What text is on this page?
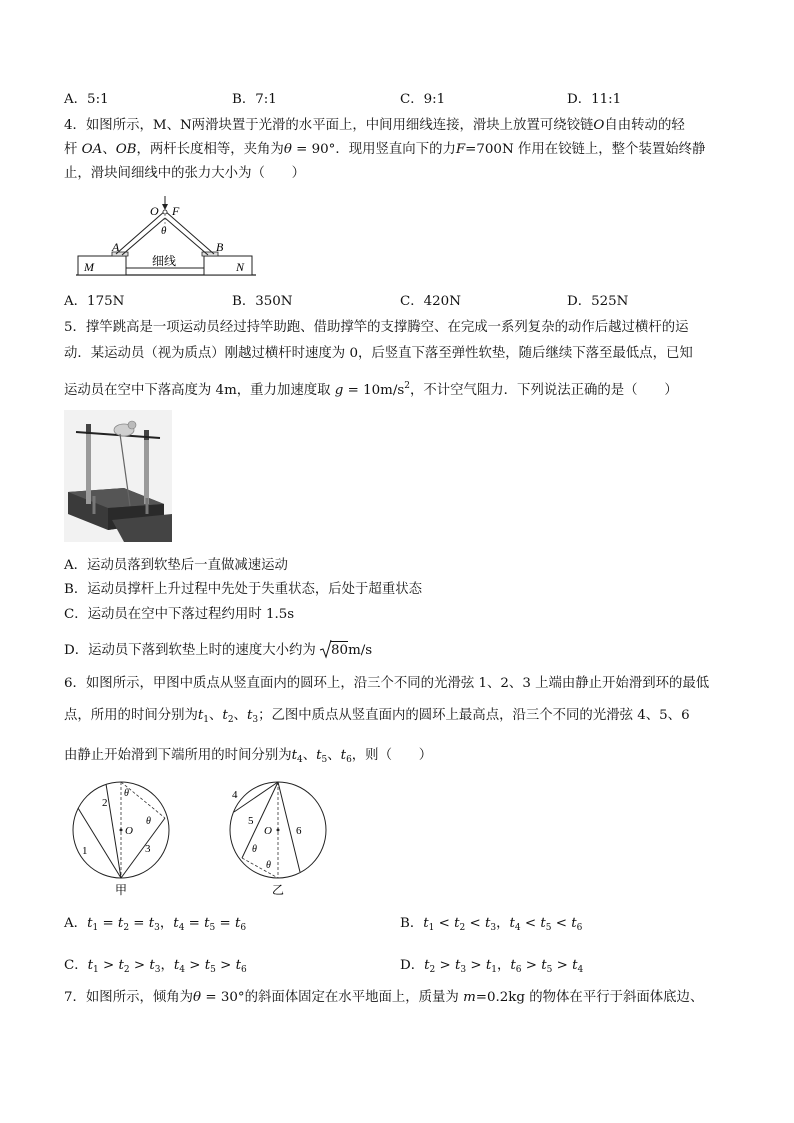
A．5:1	B．7:1	C．9:1	D．11:1
4．如图所示，M、N两滑块置于光滑的水平面上，中间用细线连接，滑块上放置可绕铰链O自由转动的轻
杆 OA、OB，两杆长度相等，夹角为θ = 90°．现用竖直向下的力F=700N 作用在铰链上，整个装置始终静
止，滑块间细线中的张力大小为（　　）
O F
θ
A	B
M	N
细线
A．175N	B．350N	C．420N	D．525N
5．撑竿跳高是一项运动员经过持竿助跑、借助撑竿的支撑腾空、在完成一系列复杂的动作后越过横杆的运
动．某运动员（视为质点）刚越过横杆时速度为 0，后竖直下落至弹性软垫，随后继续下落至最低点，已知
运动员在空中下落高度为 4m，重力加速度取 $g = 10m/s^2$，不计空气阻力．下列说法正确的是（　　）
A．运动员落到软垫后一直做减速运动
B．运动员撑杆上升过程中先处于失重状态，后处于超重状态
C．运动员在空中下落过程约用时 1.5s
D．运动员下落到软垫上时的速度大小约为
80m/s
6．如图所示，甲图中质点从竖直面内的圆环上，沿三个不同的光滑弦 1、2、3 上端由静止开始滑到环的最低
点，所用的时间分别为$t_1$、$t_2$、$t_3$；乙图中质点从竖直面内的圆环上最高点，沿三个不同的光滑弦 4、5、6
由静止开始滑到下端所用的时间分别为$t_4$、$t_5$、$t_6$，则（　　）
1
2
3
O
θ
θ
甲
4
5
6
O
θ
θ
乙
A．$t_1 = t_2 = t_3$，$t_4 = t_5 = t_6$	B．$t_1 < t_2 < t_3$，$t_4 < t_5 < t_6$
C．$t_1 > t_2 > t_3$，$t_4 > t_5 > t_6$	D．$t_2 > t_3 > t_1$，$t_6 > t_5 > t_4$
7．如图所示，倾角为θ = 30°的斜面体固定在水平地面上，质量为 m=0.2kg 的物体在平行于斜面体底边、
